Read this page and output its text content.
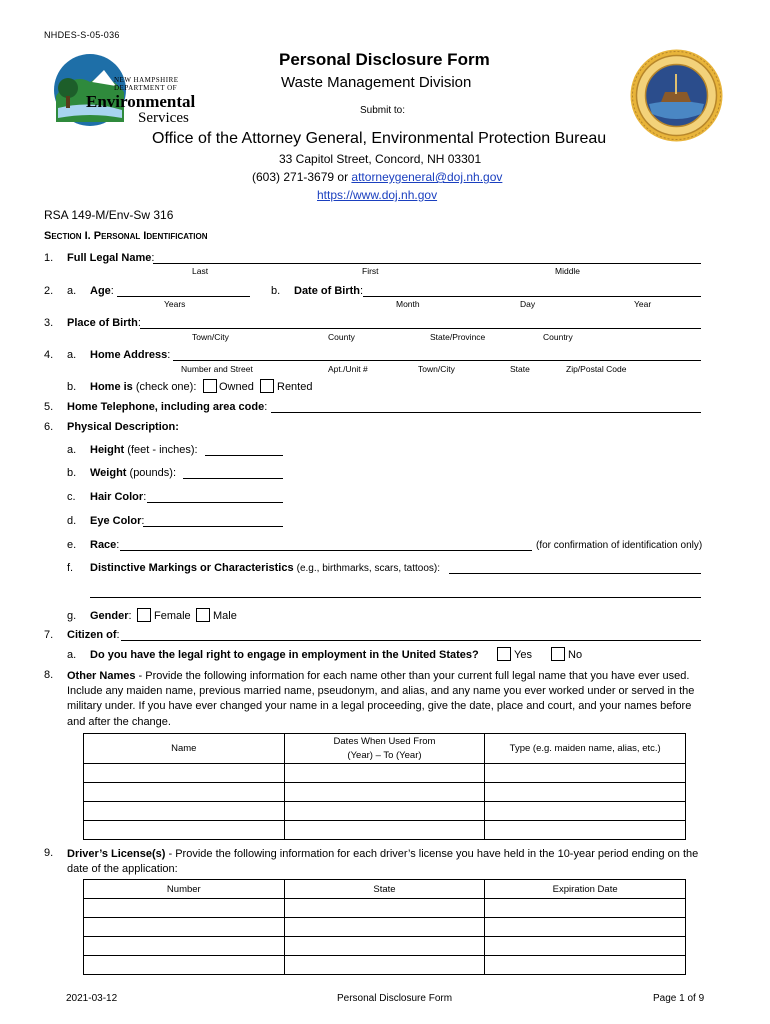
NHDES-S-05-036
NEW HAMPSHIRE
DEPARTMENT OF
Environmental
Services
Personal Disclosure Form
Waste Management Division
Submit to:
Office of the Attorney General, Environmental Protection Bureau
33 Capitol Street, Concord, NH 03301
(603) 271-3679 or attorneygeneral@doj.nh.gov
https://www.doj.nh.gov
RSA 149-M/Env-Sw 316
Section I. Personal Identification
1. Full Legal Name:
Last	First	Middle
2. a. Age:
Years
b. Date of Birth:
Month	Day	Year
3. Place of Birth:
Town/City	County	State/Province	Country
4. a. Home Address:
Number and Street	Apt./Unit #	Town/City	State	Zip/Postal Code
b. Home is (check one): Owned Rented
5. Home Telephone, including area code:
6. Physical Description:
a. Height (feet - inches):
b. Weight (pounds):
c. Hair Color:
d. Eye Color:
e. Race:	(for confirmation of identification only)
f. Distinctive Markings or Characteristics (e.g., birthmarks, scars, tattoos):
g. Gender: Female Male
7. Citizen of:
a. Do you have the legal right to engage in employment in the United States?	Yes	No
8. Other Names - Provide the following information for each name other than your current full legal name that you have ever used. Include any maiden name, previous married name, pseudonym, and alias, and any name you ever worked under or served in the military under. If you have ever changed your name in a legal proceeding, give the date, place and court, and your names before and after the change.
Name	Dates When Used From (Year) – To (Year)	Type (e.g. maiden name, alias, etc.)

9. Driver’s License(s) - Provide the following information for each driver’s license you have held in the 10-year period ending on the date of the application:
Number	State	Expiration Date

2021-03-12	Personal Disclosure Form	Page 1 of 9
